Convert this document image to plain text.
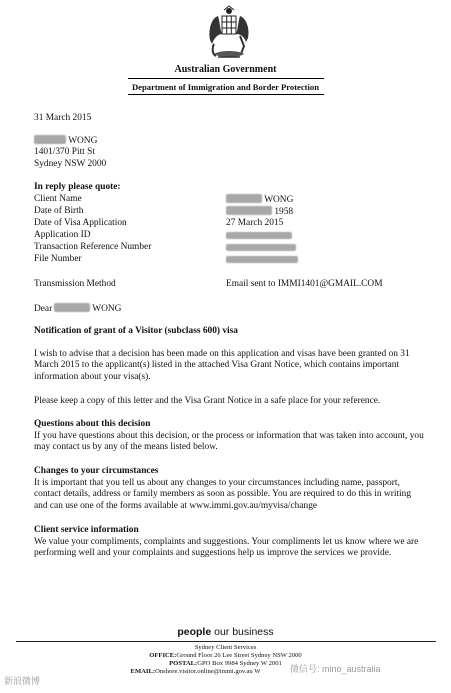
Australian Government
Department of Immigration and Border Protection
31 March 2015
WONG
1401/370 Pitt St
Sydney NSW 2000
In reply please quote:
Client Name	WONG
Date of Birth	1958
Date of Visa Application	27 March 2015
Application ID
Transaction Reference Number
File Number
Transmission Method	Email sent to IMMI1401@GMAIL.COM
Dear	WONG
Notification of grant of a Visitor (subclass 600) visa
I wish to advise that a decision has been made on this application and visas have been granted on 31 March 2015 to the applicant(s) listed in the attached Visa Grant Notice, which contains important information about your visa(s).
Please keep a copy of this letter and the Visa Grant Notice in a safe place for your reference.
Questions about this decision
If you have questions about this decision, or the process or information that was taken into account, you may contact us by any of the means listed below.
Changes to your circumstances
It is important that you tell us about any changes to your circumstances including name, passport, contact details, address or family members as soon as possible. You are required to do this in writing and can use one of the forms available at www.immi.gov.au/myvisa/change
Client service information
We value your compliments, complaints and suggestions. Your compliments let us know where we are performing well and your complaints and suggestions help us improve the services we provide.
people our business
Sydney Client Services
OFFICE:Ground Floor 26 Lee Street Sydney NSW 2000
POSTAL:GPO Box 9984 Sydney W 2001
EMAIL:Onshore.visitor.online@immi.gov.au W
新浪微博
微信号: mino_australia
